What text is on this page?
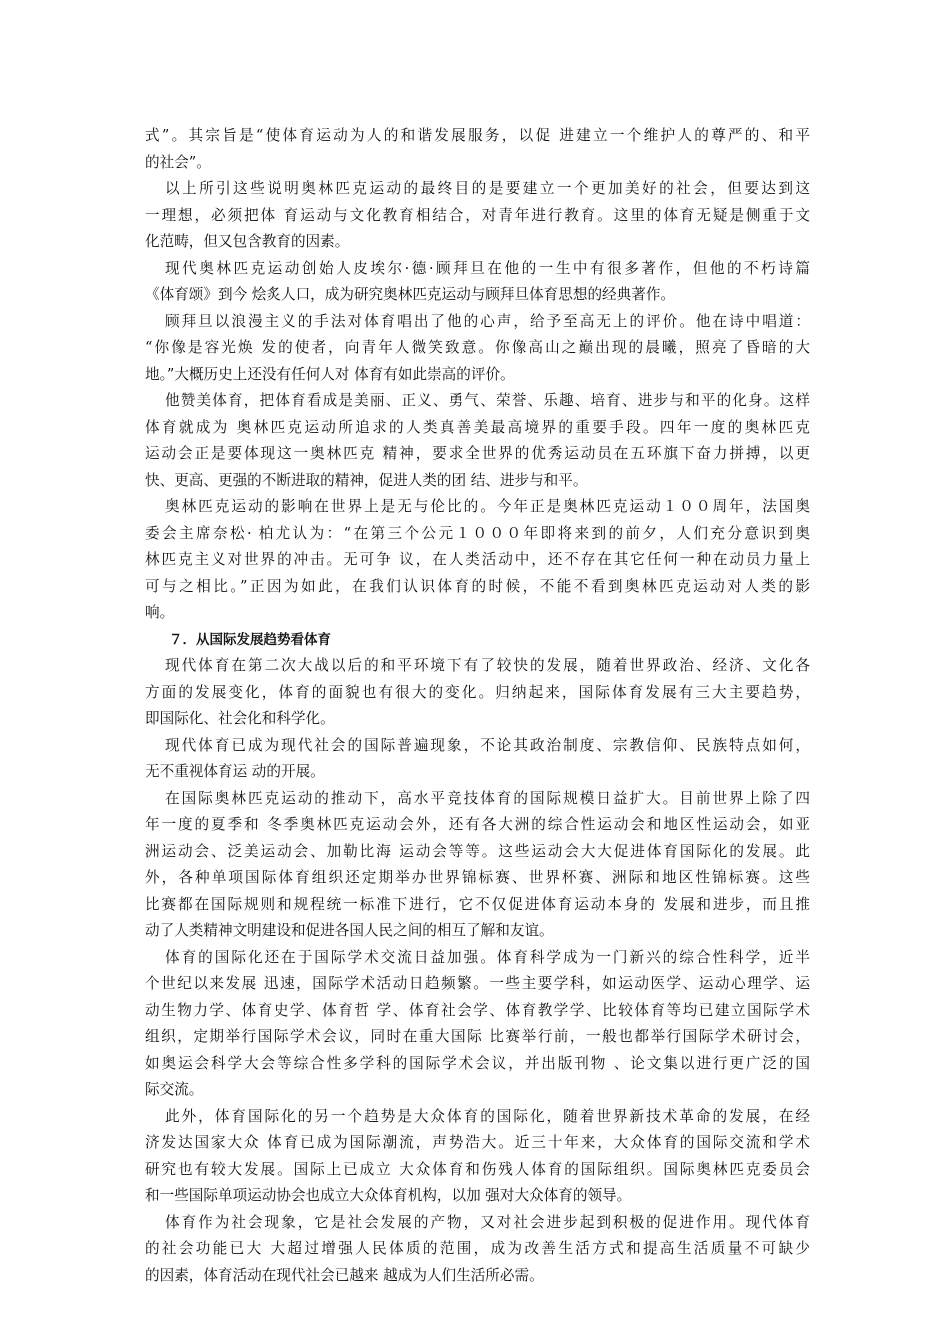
式”。其宗旨是“使体育运动为人的和谐发展服务，以促 进建立一个维护人的尊严的、和平
的社会”。
以上所引这些说明奥林匹克运动的最终目的是要建立一个更加美好的社会，但要达到这
一理想，必须把体 育运动与文化教育相结合，对青年进行教育。这里的体育无疑是侧重于文
化范畴，但又包含教育的因素。
现代奥林匹克运动创始人皮埃尔·德·顾拜旦在他的一生中有很多著作，但他的不朽诗篇
《体育颂》到今 烩炙人口，成为研究奥林匹克运动与顾拜旦体育思想的经典著作。
顾拜旦以浪漫主义的手法对体育唱出了他的心声，给予至高无上的评价。他在诗中唱道：
“你像是容光焕 发的使者，向青年人微笑致意。你像高山之巅出现的晨曦，照亮了昏暗的大
地。”大概历史上还没有任何人对 体育有如此崇高的评价。
他赞美体育，把体育看成是美丽、正义、勇气、荣誉、乐趣、培育、进步与和平的化身。这样
体育就成为 奥林匹克运动所追求的人类真善美最高境界的重要手段。四年一度的奥林匹克
运动会正是要体现这一奥林匹克 精神，要求全世界的优秀运动员在五环旗下奋力拼搏，以更
快、更高、更强的不断进取的精神，促进人类的团 结、进步与和平。
奥林匹克运动的影响在世界上是无与伦比的。今年正是奥林匹克运动１００周年，法国奥
委会主席奈松· 柏尤认为：“在第三个公元１０００年即将来到的前夕，人们充分意识到奥
林匹克主义对世界的冲击。无可争 议，在人类活动中，还不存在其它任何一种在动员力量上
可与之相比。”正因为如此，在我们认识体育的时候，不能不看到奥林匹克运动对人类的影
响。
７．从国际发展趋势看体育
现代体育在第二次大战以后的和平环境下有了较快的发展，随着世界政治、经济、文化各
方面的发展变化，体育的面貌也有很大的变化。归纳起来，国际体育发展有三大主要趋势，
即国际化、社会化和科学化。
现代体育已成为现代社会的国际普遍现象，不论其政治制度、宗教信仰、民族特点如何，
无不重视体育运 动的开展。
在国际奥林匹克运动的推动下，高水平竞技体育的国际规模日益扩大。目前世界上除了四
年一度的夏季和 冬季奥林匹克运动会外，还有各大洲的综合性运动会和地区性运动会，如亚
洲运动会、泛美运动会、加勒比海 运动会等等。这些运动会大大促进体育国际化的发展。此
外，各种单项国际体育组织还定期举办世界锦标赛、世界杯赛、洲际和地区性锦标赛。这些
比赛都在国际规则和规程统一标准下进行，它不仅促进体育运动本身的 发展和进步，而且推
动了人类精神文明建设和促进各国人民之间的相互了解和友谊。
体育的国际化还在于国际学术交流日益加强。体育科学成为一门新兴的综合性科学，近半
个世纪以来发展 迅速，国际学术活动日趋频繁。一些主要学科，如运动医学、运动心理学、运
动生物力学、体育史学、体育哲 学、体育社会学、体育教学学、比较体育等均已建立国际学术
组织，定期举行国际学术会议，同时在重大国际 比赛举行前，一般也都举行国际学术研讨会，
如奥运会科学大会等综合性多学科的国际学术会议，并出版刊物 、论文集以进行更广泛的国
际交流。
此外，体育国际化的另一个趋势是大众体育的国际化，随着世界新技术革命的发展，在经
济发达国家大众 体育已成为国际潮流，声势浩大。近三十年来，大众体育的国际交流和学术
研究也有较大发展。国际上已成立 大众体育和伤残人体育的国际组织。国际奥林匹克委员会
和一些国际单项运动协会也成立大众体育机构，以加 强对大众体育的领导。
体育作为社会现象，它是社会发展的产物，又对社会进步起到积极的促进作用。现代体育
的社会功能已大 大超过增强人民体质的范围，成为改善生活方式和提高生活质量不可缺少
的因素，体育活动在现代社会已越来 越成为人们生活所必需。
